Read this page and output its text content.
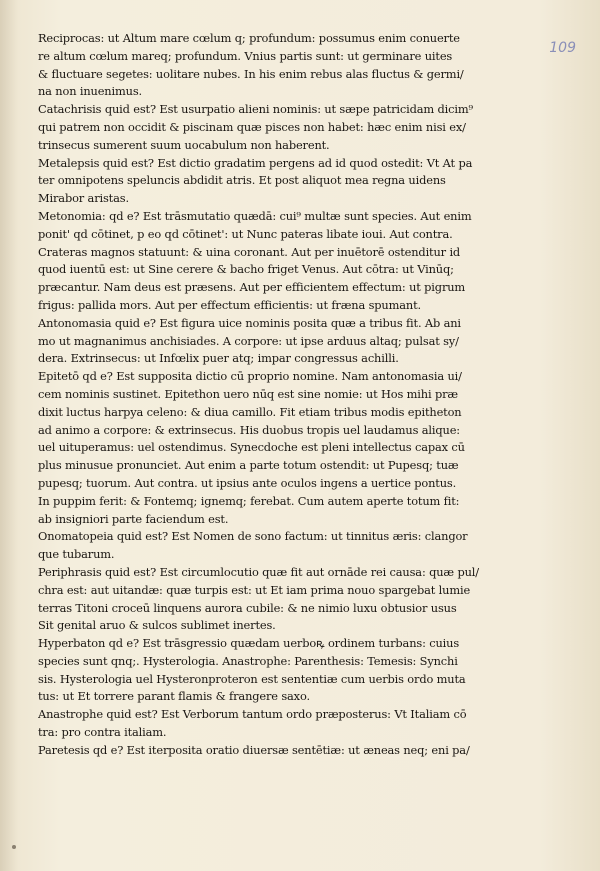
109
Reciprocas: ut Altum mare cœlum q; profundum: possumus enim conuerte
re altum cœlum mareq; profundum. Vnius partis sunt: ut germinare uites
& fluctuare segetes: uolitare nubes. In his enim rebus alas fluctus & germi/
na non inuenimus.
Catachrisis quid est? Est usurpatio alieni nominis: ut sæpe patricidam dicim⁹
qui patrem non occidit & piscinam quæ pisces non habet: hæc enim nisi ex/
trinsecus sumerent suum uocabulum non haberent.
Metalepsis quid est? Est dictio gradatim pergens ad id quod ostedit: Vt At pa
ter omnipotens speluncis abdidit atris. Et post aliquot mea regna uidens
Mirabor aristas.
Metonomia: qd e? Est trāsmutatio quædā: cui⁹ multæ sunt species. Aut enim
ponit' qd cōtinet, p eo qd cōtinet': ut Nunc pateras libate ioui. Aut contra.
Crateras magnos statuunt: & uina coronant. Aut per inuētorē ostenditur id
quod iuentū est: ut Sine cerere & bacho friget Venus. Aut cōtra: ut Vinūq;
præcantur. Nam deus est præsens. Aut per efficientem effectum: ut pigrum
frigus: pallida mors. Aut per effectum efficientis: ut fræna spumant.
Antonomasia quid e? Est figura uice nominis posita quæ a tribus fit. Ab ani
mo ut magnanimus anchisiades. A corpore: ut ipse arduus altaq; pulsat sy/
dera. Extrinsecus: ut Infœlix puer atq; impar congressus achilli.
Epitetō qd e? Est supposita dictio cū proprio nomine. Nam antonomasia ui/
cem nominis sustinet. Epitethon uero nūq est sine nomie: ut Hos mihi præ
dixit luctus harpya celeno: & diua camillo. Fit etiam tribus modis epitheton
ad animo a corpore: & extrinsecus. His duobus tropis uel laudamus alique:
uel uituperamus: uel ostendimus. Synecdoche est pleni intellectus capax cū
plus minusue pronunciet. Aut enim a parte totum ostendit: ut Pupesq; tuæ
pupesq; tuorum. Aut contra. ut ipsius ante oculos ingens a uertice pontus.
In puppim ferit: & Fontemq; ignemq; ferebat. Cum autem aperte totum fit:
ab insigniori parte faciendum est.
Onomatopeia quid est? Est Nomen de sono factum: ut tinnitus æris: clangor
que tubarum.
Periphrasis quid est? Est circumlocutio quæ fit aut ornāde rei causa: quæ pul/
chra est: aut uitandæ: quæ turpis est: ut Et iam prima nouo spargebat lumie
terras Titoni croceū linquens aurora cubile: & ne nimio luxu obtusior usus
Sit genital aruo & sulcos sublimet inertes.
Hyperbaton qd e? Est trāsgressio quædam uerboꝶ ordinem turbans: cuius
species sunt qnq;. Hysterologia. Anastrophe: Parenthesis: Temesis: Synchi
sis. Hysterologia uel Hysteronproteron est sententiæ cum uerbis ordo muta
tus: ut Et torrere parant flamis & frangere saxo.
Anastrophe quid est? Est Verborum tantum ordo præposterus: Vt Italiam cō
tra: pro contra italiam.
Paretesis qd e? Est iterposita oratio diuersæ sentētiæ: ut æneas neq; eni pa/
